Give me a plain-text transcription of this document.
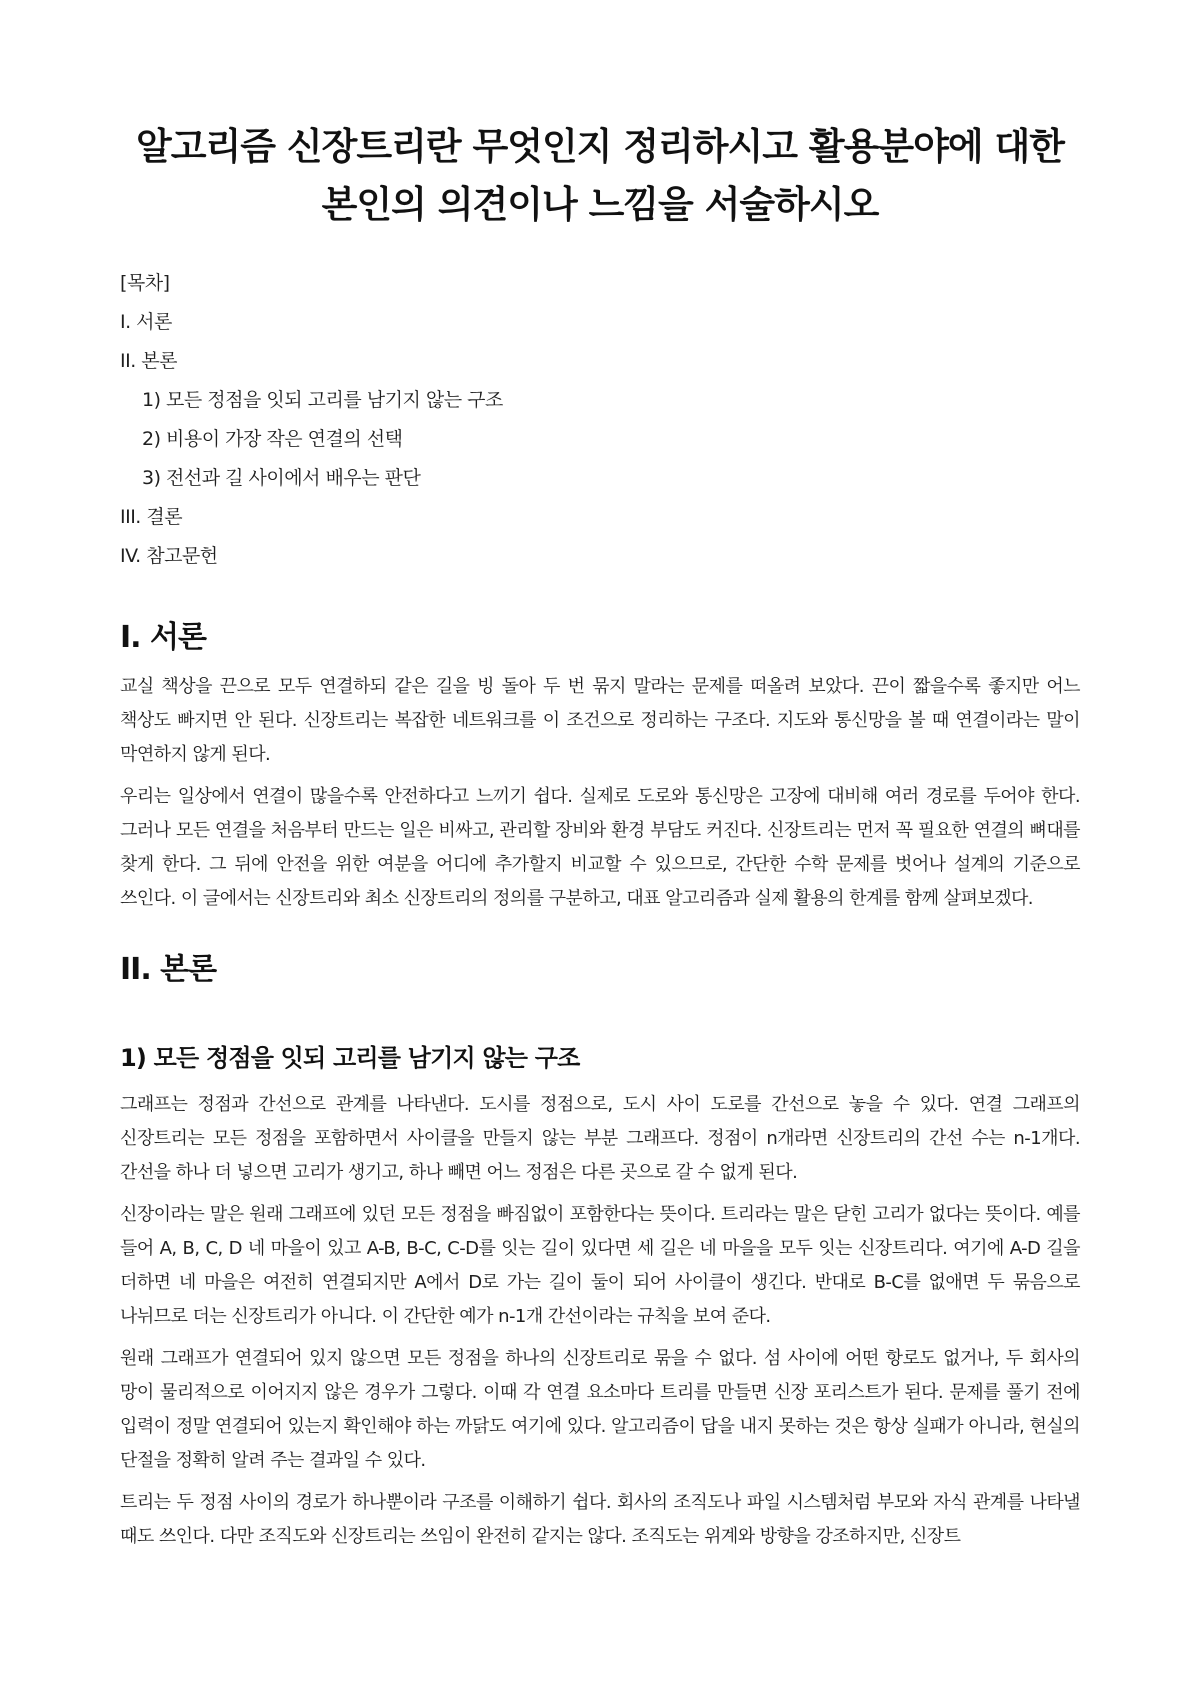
알고리즘 신장트리란 무엇인지 정리하시고 활용분야에 대한 본인의 의견이나 느낌을 서술하시오
[목차]
I. 서론
II. 본론
1) 모든 정점을 잇되 고리를 남기지 않는 구조
2) 비용이 가장 작은 연결의 선택
3) 전선과 길 사이에서 배우는 판단
III. 결론
IV. 참고문헌
I. 서론

교실 책상을 끈으로 모두 연결하되 같은 길을 빙 돌아 두 번 묶지 말라는 문제를 떠올려 보았다. 끈이 짧을수록 좋지만 어느 책상도 빠지면 안 된다. 신장트리는 복잡한 네트워크를 이 조건으로 정리하는 구조다. 지도와 통신망을 볼 때 연결이라는 말이 막연하지 않게 된다.

우리는 일상에서 연결이 많을수록 안전하다고 느끼기 쉽다. 실제로 도로와 통신망은 고장에 대비해 여러 경로를 두어야 한다. 그러나 모든 연결을 처음부터 만드는 일은 비싸고, 관리할 장비와 환경 부담도 커진다. 신장트리는 먼저 꼭 필요한 연결의 뼈대를 찾게 한다. 그 뒤에 안전을 위한 여분을 어디에 추가할지 비교할 수 있으므로, 간단한 수학 문제를 벗어나 설계의 기준으로 쓰인다. 이 글에서는 신장트리와 최소 신장트리의 정의를 구분하고, 대표 알고리즘과 실제 활용의 한계를 함께 살펴보겠다.

II. 본론
1) 모든 정점을 잇되 고리를 남기지 않는 구조

그래프는 정점과 간선으로 관계를 나타낸다. 도시를 정점으로, 도시 사이 도로를 간선으로 놓을 수 있다. 연결 그래프의 신장트리는 모든 정점을 포함하면서 사이클을 만들지 않는 부분 그래프다. 정점이 n개라면 신장트리의 간선 수는 n-1개다. 간선을 하나 더 넣으면 고리가 생기고, 하나 빼면 어느 정점은 다른 곳으로 갈 수 없게 된다.

신장이라는 말은 원래 그래프에 있던 모든 정점을 빠짐없이 포함한다는 뜻이다. 트리라는 말은 닫힌 고리가 없다는 뜻이다. 예를 들어 A, B, C, D 네 마을이 있고 A-B, B-C, C-D를 잇는 길이 있다면 세 길은 네 마을을 모두 잇는 신장트리다. 여기에 A-D 길을 더하면 네 마을은 여전히 연결되지만 A에서 D로 가는 길이 둘이 되어 사이클이 생긴다. 반대로 B-C를 없애면 두 묶음으로 나뉘므로 더는 신장트리가 아니다. 이 간단한 예가 n-1개 간선이라는 규칙을 보여 준다.

원래 그래프가 연결되어 있지 않으면 모든 정점을 하나의 신장트리로 묶을 수 없다. 섬 사이에 어떤 항로도 없거나, 두 회사의 망이 물리적으로 이어지지 않은 경우가 그렇다. 이때 각 연결 요소마다 트리를 만들면 신장 포리스트가 된다. 문제를 풀기 전에 입력이 정말 연결되어 있는지 확인해야 하는 까닭도 여기에 있다. 알고리즘이 답을 내지 못하는 것은 항상 실패가 아니라, 현실의 단절을 정확히 알려 주는 결과일 수 있다.

트리는 두 정점 사이의 경로가 하나뿐이라 구조를 이해하기 쉽다. 회사의 조직도나 파일 시스템처럼 부모와 자식 관계를 나타낼 때도 쓰인다. 다만 조직도와 신장트리는 쓰임이 완전히 같지는 않다. 조직도는 위계와 방향을 강조하지만, 신장트
